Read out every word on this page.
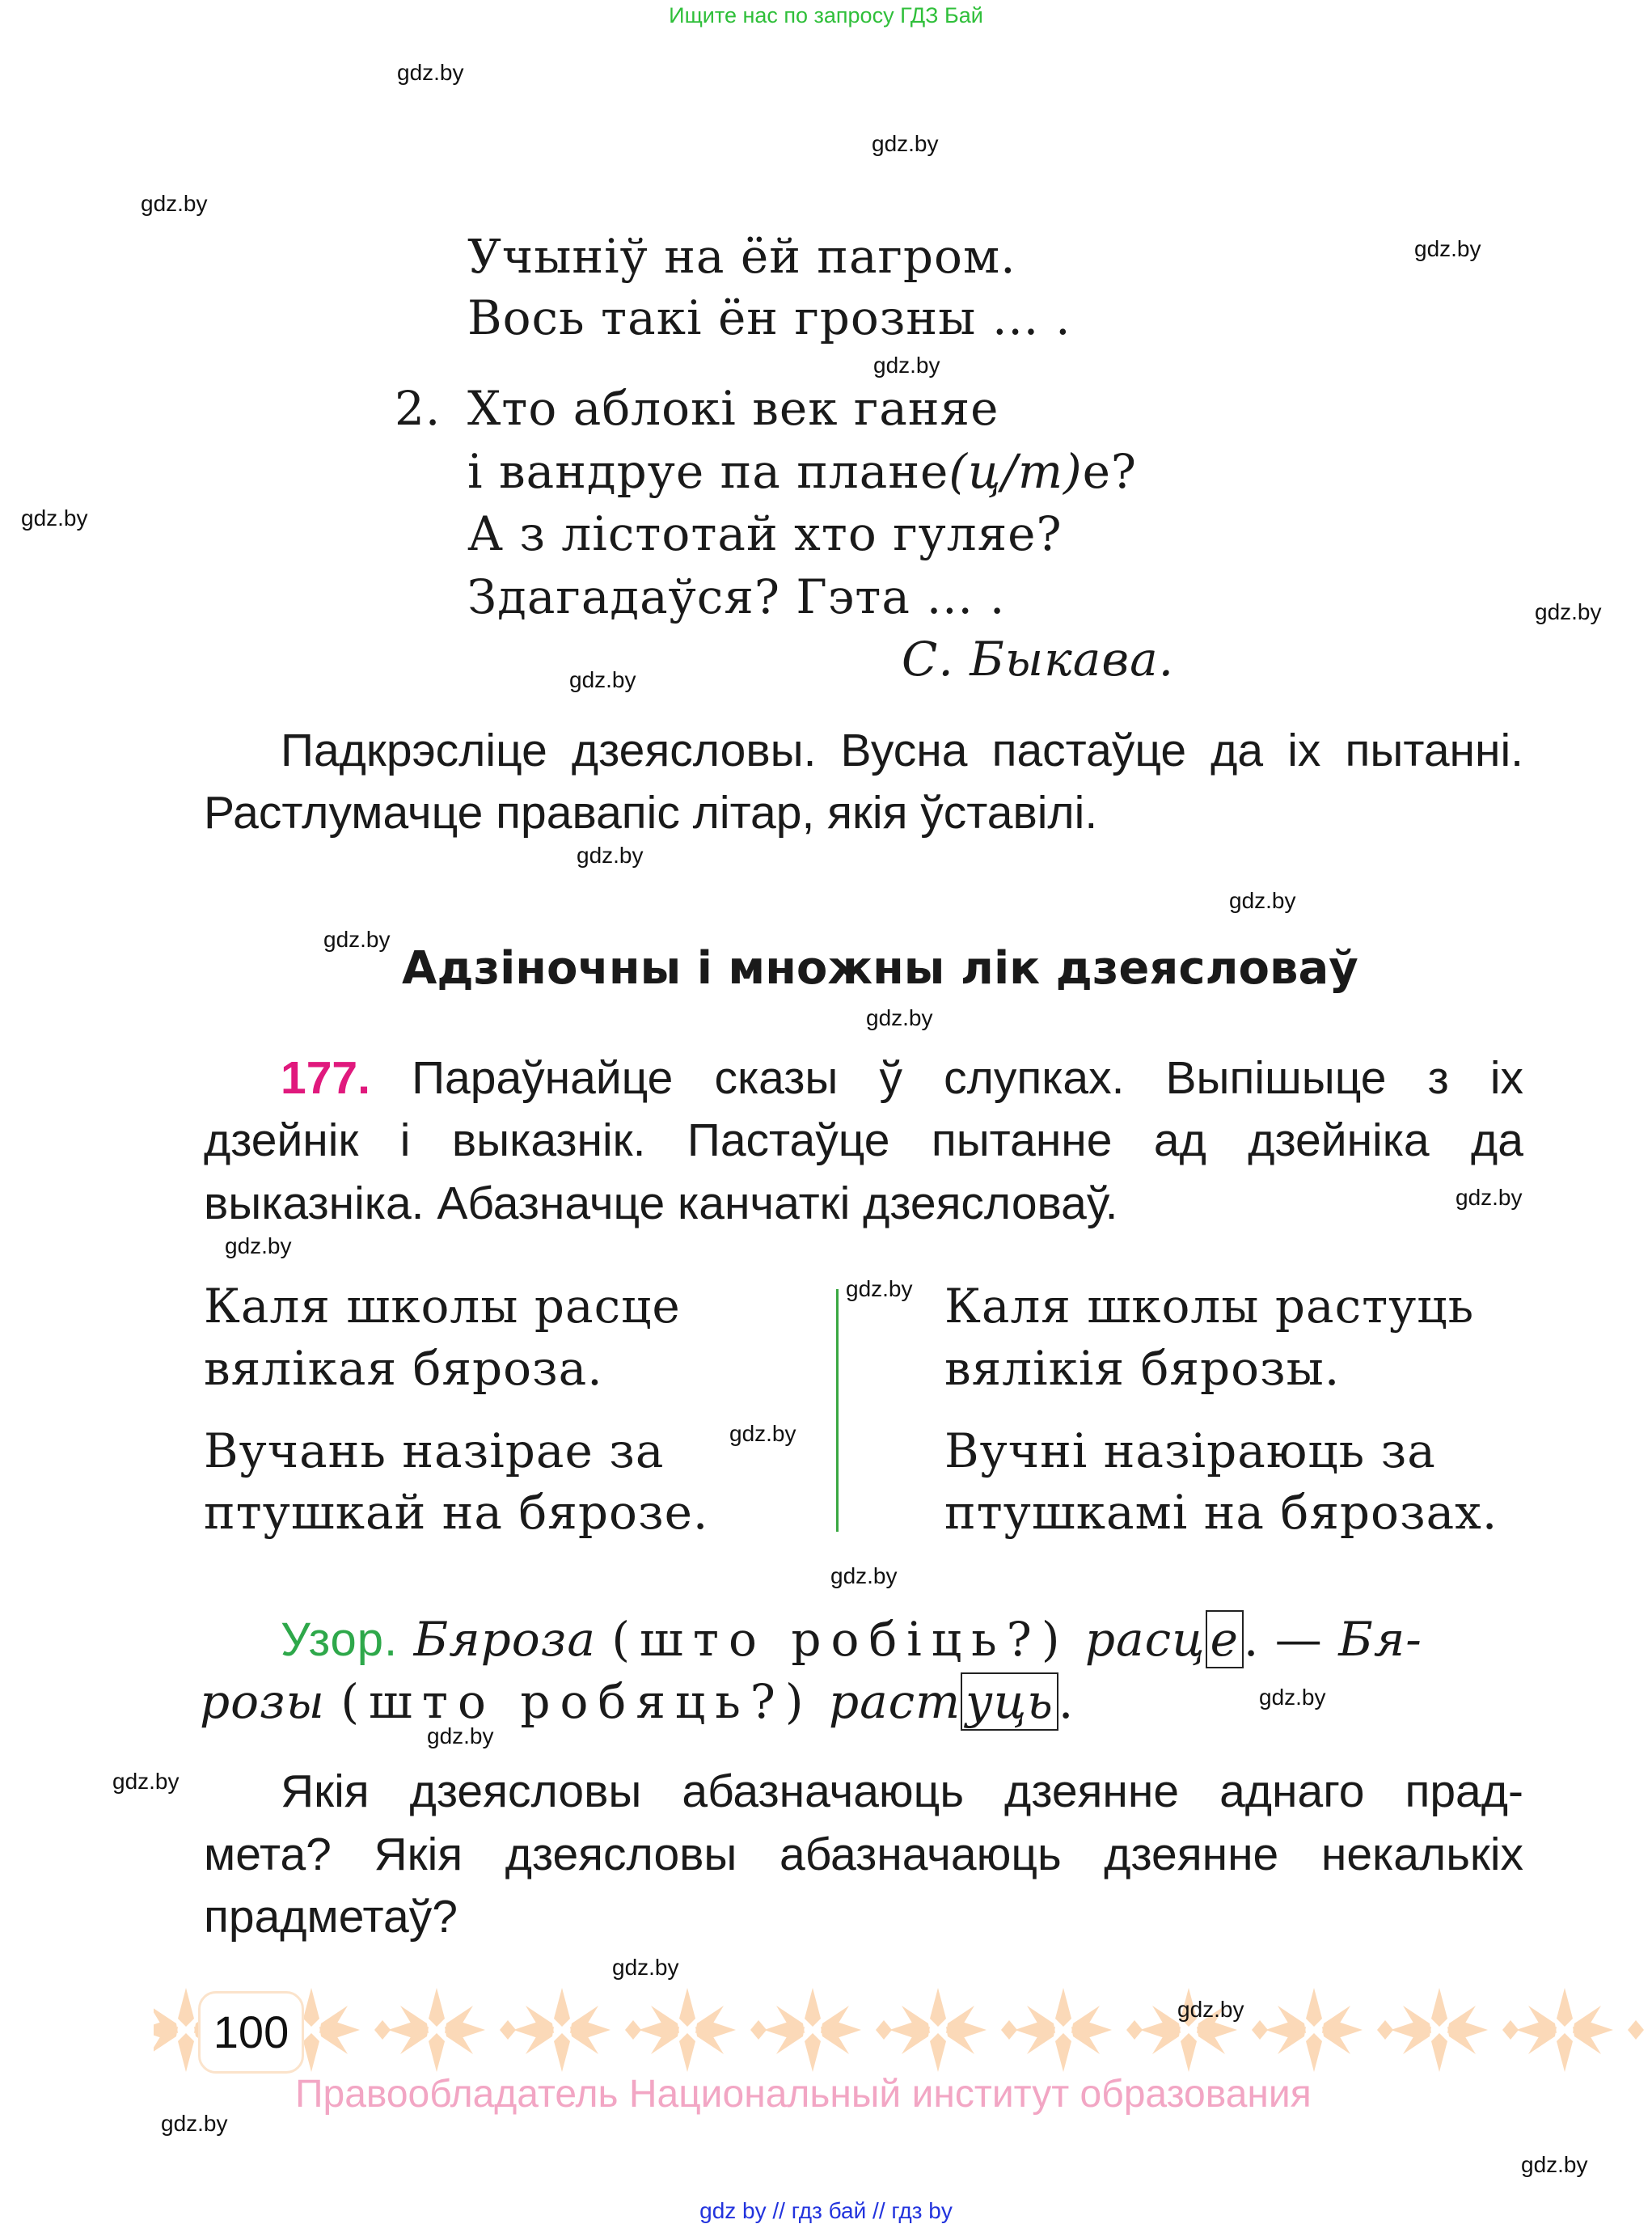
Ищите нас по запросу ГДЗ Бай
Учыніў на ёй пагром.
Вось такі ён грозны … .
2. Хто аблокі век ганяе
і вандруе па плане(ц/т)е?
А з лістотай хто гуляе?
Здагадаўся? Гэта … .
С. Быкава.
Падкрэсліце дзеясловы. Вусна пастаўце да іх пытанні.
Растлумачце правапіс літар, якія ўставілі.
Адзіночны і множны лік дзеясловаў
177. Параўнайце сказы ў слупках. Выпішыце з іх
дзейнік і выказнік. Пастаўце пытанне ад дзейніка да
выказніка. Абазначце канчаткі дзеясловаў.
Каля школы расце
вялікая бяроза.
Вучань назірае за
птушкай на бярозе.
Каля школы растуць
вялікія бярозы.
Вучні назіраюць за
птушкамі на бярозах.
Узор. Бяроза (што робіць?) расц е . — Бя-
розы (што робяць?) раст уць .
Якія дзеясловы абазначаюць дзеянне аднаго прад-
мета? Якія дзеясловы абазначаюць дзеянне некалькіх
прадметаў?
100
Правообладатель Национальный институт образования
gdz by // гдз бай // гдз by
gdz.by
gdz.by
gdz.by
gdz.by
gdz.by
gdz.by
gdz.by
gdz.by
gdz.by
gdz.by
gdz.by
gdz.by
gdz.by
gdz.by
gdz.by
gdz.by
gdz.by
gdz.by
gdz.by
gdz.by
gdz.by
gdz.by
gdz.by
gdz.by
